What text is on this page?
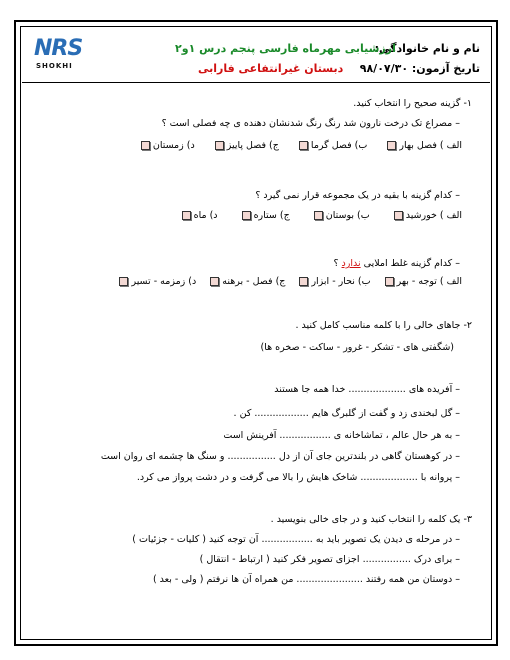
NRS
SHOKHI
نام و نام خانوادگی:
تاریخ آزمون: ۹۸/۰۷/۳۰
ارزشیابی مهرماه فارسی پنجم درس ۱و۲
دبستان غیرانتفاعی فارابی
۱- گزینه صحیح را انتخاب کنید.
– مصراع تک درخت نارون شد رنگ رنگ شدنشان دهنده ی چه فصلی است ؟
الف ) فصل بهار
ب) فصل گرما
ج) فصل پاییز
د) زمستان
– کدام گزینه با بقیه در یک مجموعه قرار نمی گیرد ؟
الف ) خورشید
ب) بوستان
ج) ستاره
د) ماه
– کدام گزینه غلط املایی ندارد ؟
الف ) توجه - بهر
ب) نحار - ابزار
ج) فصل - برهنه
د) زمزمه - تسیر
۲- جاهای خالی را با کلمه مناسب کامل کنید .
(شگفتی های - تشکر - غرور - ساکت - صخره ها)
– آفریده های ................... خدا همه جا هستند
– گل لبخندی زد و گفت از گلبرگ هایم .................. کن .
– به هر حال عالم ، تماشاخانه ی ................. آفرینش است
– در کوهستان گاهی در بلندترین جای آن از دل ................ و سنگ ها چشمه ای روان است
– پروانه با ................... شاخک هایش را بالا می گرفت و در دشت پرواز می کرد.
۳- یک کلمه را انتخاب کنید و در جای خالی بنویسید .
– در مرحله ی دیدن یک تصویر باید به ................. آن توجه کنید ( کلیات - جزئیات )
– برای درک ................ اجزای تصویر فکر کنید ( ارتباط - انتقال )
– دوستان من همه رفتند ...................... من همراه آن ها نرفتم ( ولی - بعد )
